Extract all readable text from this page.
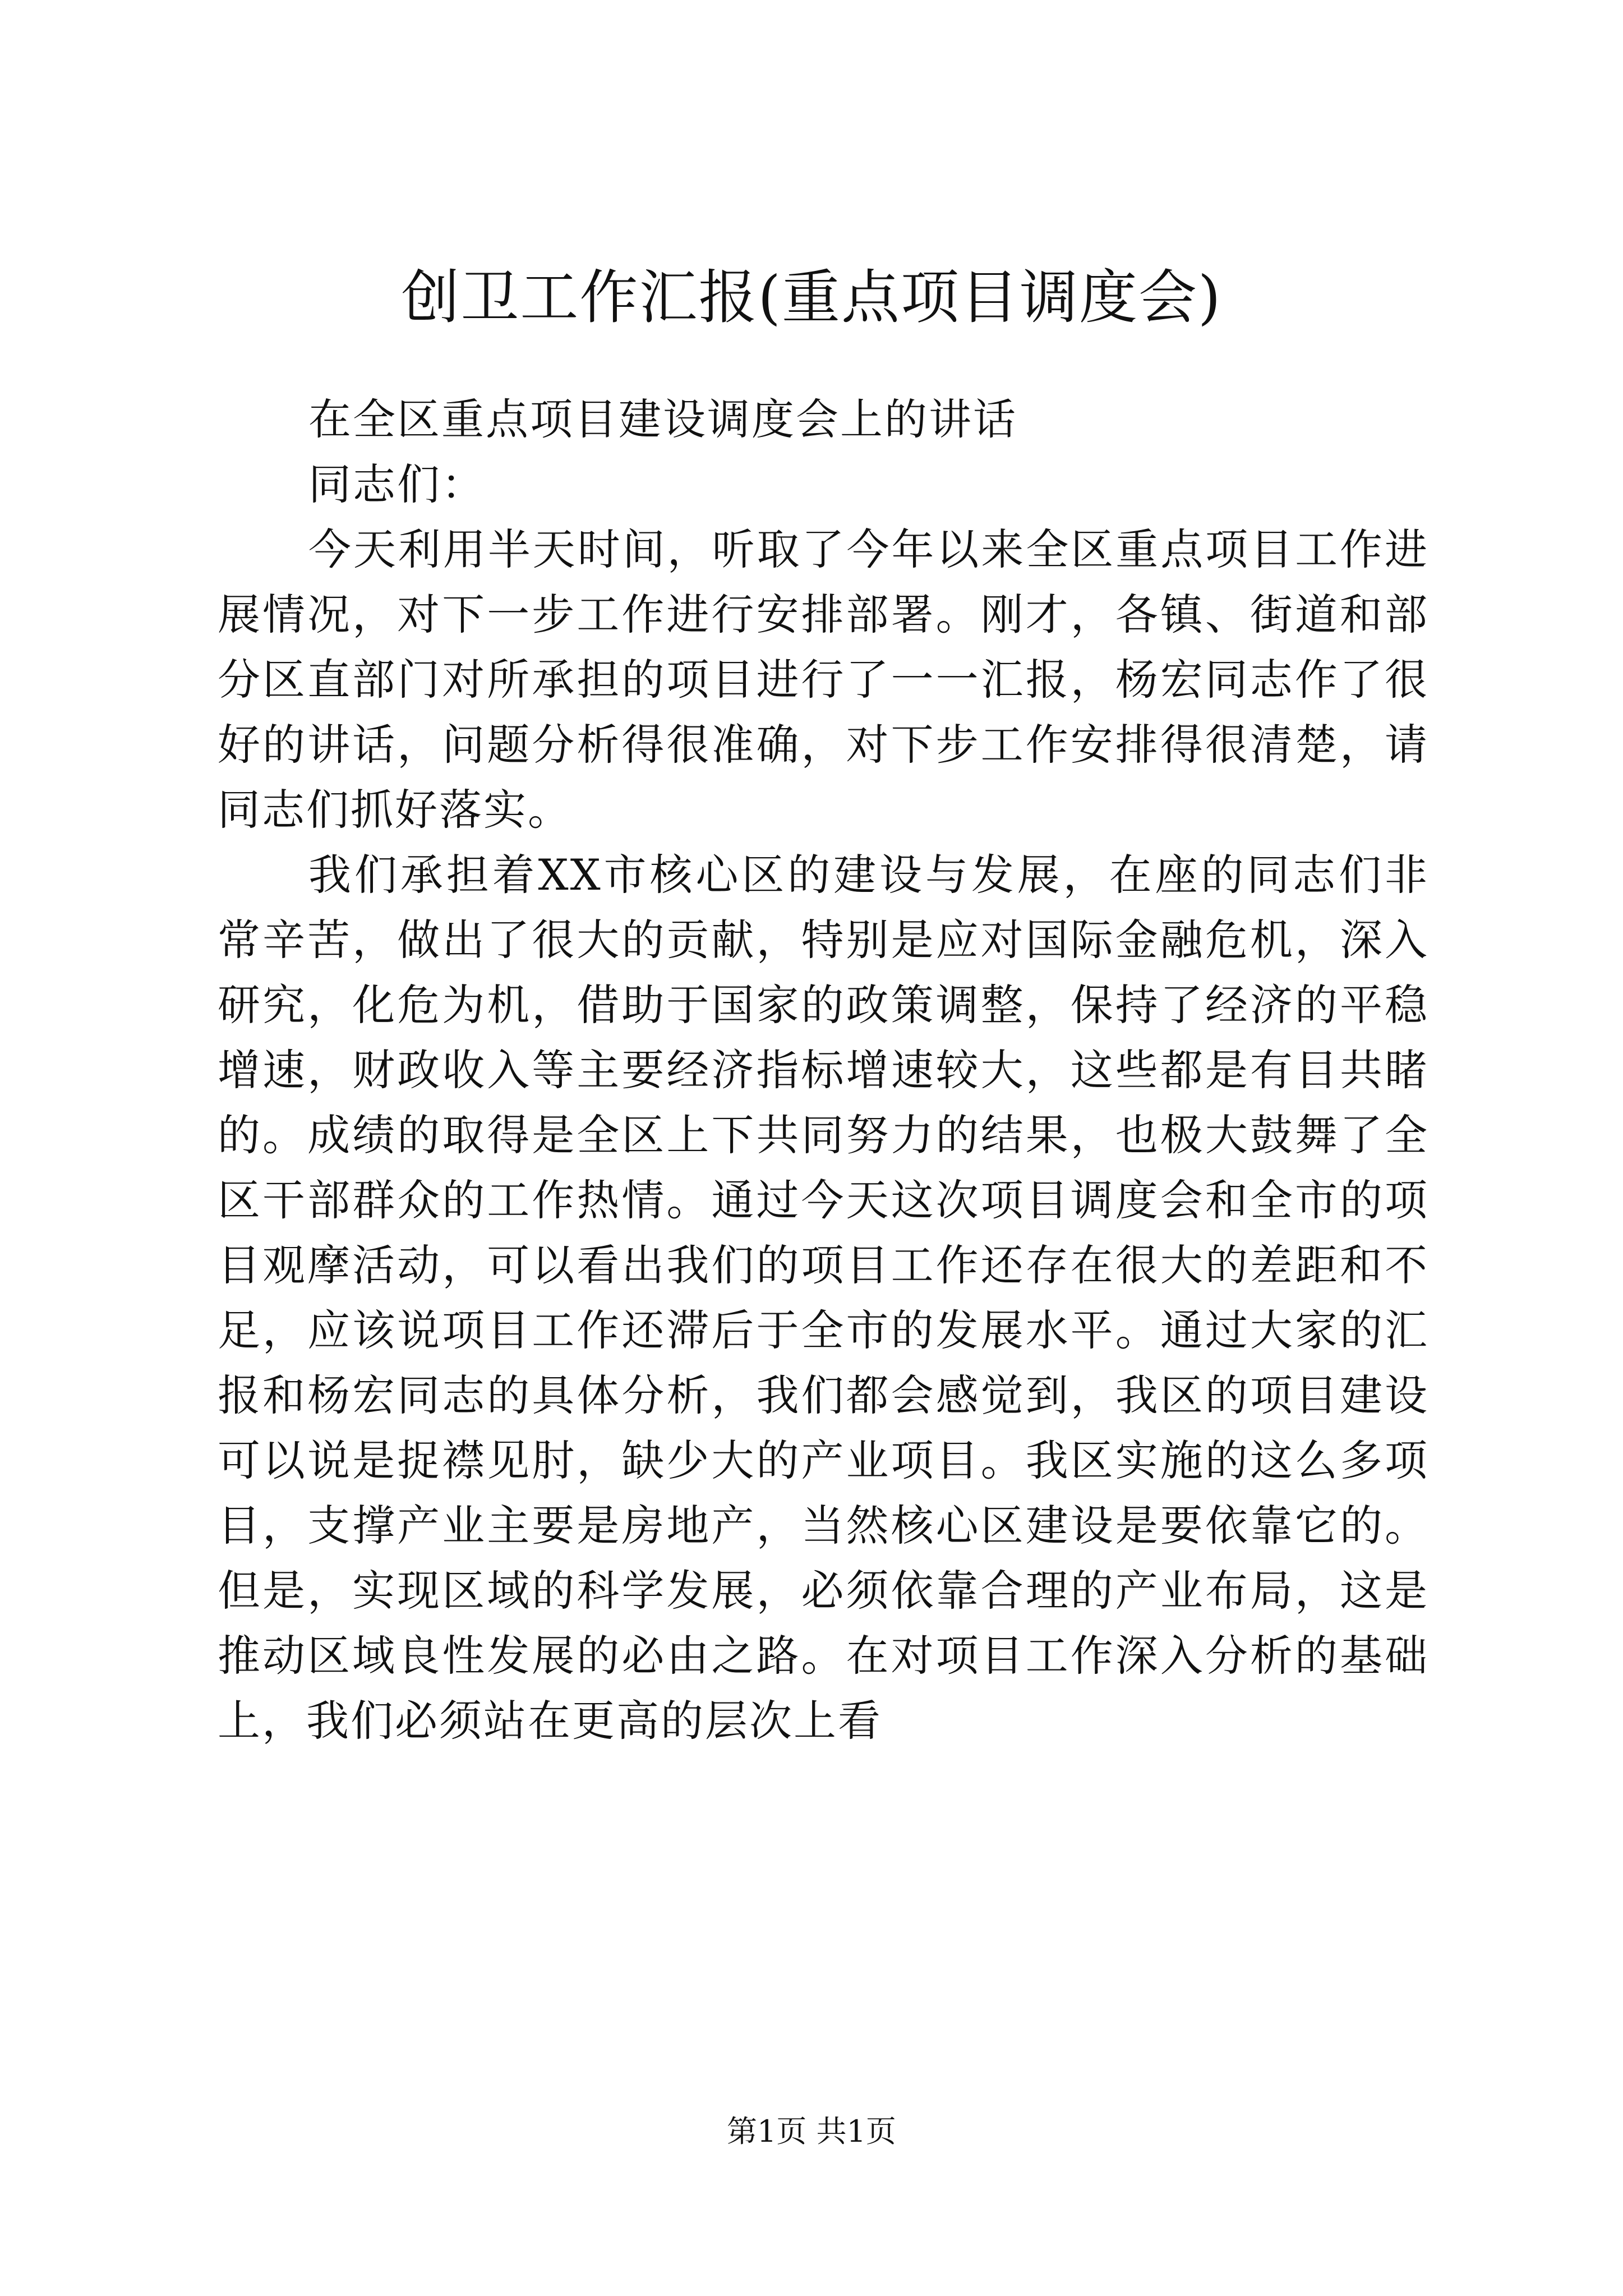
创卫工作汇报(重点项目调度会)

在全区重点项目建设调度会上的讲话

同志们：

今天利用半天时间，听取了今年以来全区重点项目工作进展情况，对下一步工作进行安排部署。刚才，各镇、街道和部分区直部门对所承担的项目进行了一一汇报，杨宏同志作了很好的讲话，问题分析得很准确，对下步工作安排得很清楚，请同志们抓好落实。

我们承担着XX市核心区的建设与发展，在座的同志们非常辛苦，做出了很大的贡献，特别是应对国际金融危机，深入研究，化危为机，借助于国家的政策调整，保持了经济的平稳增速，财政收入等主要经济指标增速较大，这些都是有目共睹的。成绩的取得是全区上下共同努力的结果，也极大鼓舞了全区干部群众的工作热情。通过今天这次项目调度会和全市的项目观摩活动，可以看出我们的项目工作还存在很大的差距和不足，应该说项目工作还滞后于全市的发展水平。通过大家的汇报和杨宏同志的具体分析，我们都会感觉到，我区的项目建设可以说是捉襟见肘，缺少大的产业项目。我区实施的这么多项目，支撑产业主要是房地产，当然核心区建设是要依靠它的。但是，实现区域的科学发展，必须依靠合理的产业布局，这是推动区域良性发展的必由之路。在对项目工作深入分析的基础上，我们必须站在更高的层次上看

第1页 共1页
